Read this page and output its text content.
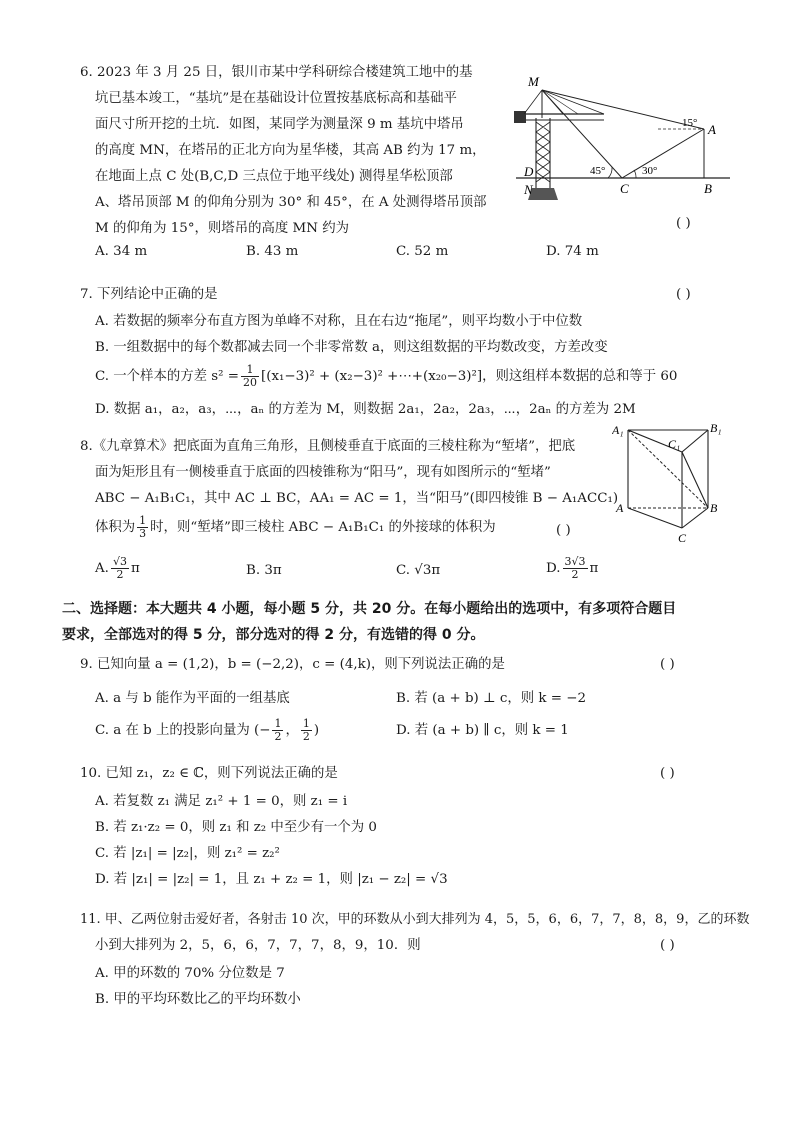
6. 2023 年 3 月 25 日，银川市某中学科研综合楼建筑工地中的基
坑已基本竣工，“基坑”是在基础设计位置按基底标高和基础平
面尺寸所开挖的土坑．如图，某同学为测量深 9 m 基坑中塔吊
的高度 MN，在塔吊的正北方向为星华楼，其高 AB 约为 17 m，
在地面上点 C 处(B,C,D 三点位于地平线处) 测得星华松顶部
A、塔吊顶部 M 的仰角分别为 30° 和 45°，在 A 处测得塔吊顶部
M 的仰角为 15°，则塔吊的高度 MN 约为	( )
M
A
B
C
D
N
15°
45°	30°
A. 34 m	B. 43 m	C. 52 m	D. 74 m
7. 下列结论中正确的是	( )
A. 若数据的频率分布直方图为单峰不对称，且在右边“拖尾”，则平均数小于中位数
B. 一组数据中的每个数都减去同一个非零常数 a，则这组数据的平均数改变，方差改变
C. 一个样本的方差 $s^2 = \frac{1}{20} [(x_1-3)^2 + (x_2-3)^2$ +⋯+(x₂₀−3)²]，则这组样本数据的总和等于 60
D. 数据 a₁，a₂，a₃，⋯，aₙ 的方差为 M，则数据 2a₁，2a₂，2a₃，⋯，2aₙ 的方差为 2M
8.《九章算术》把底面为直角三角形，且侧棱垂直于底面的三棱柱称为“堑堵”，把底
面为矩形且有一侧棱垂直于底面的四棱锥称为“阳马”，现有如图所示的“堑堵”
ABC − A₁B₁C₁，其中 AC ⊥ BC，AA₁ = AC = 1，当“阳马”(即四棱锥 B − A₁ACC₁)
体积为 $\frac{1}{3}$ 时，则“堑堵”即三棱柱 ABC − A₁B₁C₁ 的外接球的体积为	( )
A₁	B₁
C₁
A	B
C
A. $\frac{√3}{2}$ π	B. 3π	C. √3π	D. $\frac{3√3}{2}$ π
二、选择题：本大题共 4 小题，每小题 5 分，共 20 分。在每小题给出的选项中，有多项符合题目
要求，全部选对的得 5 分，部分选对的得 2 分，有选错的得 0 分。
9. 已知向量 a = (1,2)，b = (−2,2)，c = (4,k)，则下列说法正确的是	( )
A. a 与 b 能作为平面的一组基底	B. 若 (a + b) ⊥ c，则 k = −2
C. a 在 b 上的投影向量为 (− $\frac{1}{2}$ ， $\frac{1}{2}$ )	D. 若 (a + b) ∥ c，则 k = 1
10. 已知 z₁，z₂ ∈ ℂ，则下列说法正确的是	( )
A. 若复数 z₁ 满足 z₁² + 1 = 0，则 z₁ = i
B. 若 z₁·z₂ = 0，则 z₁ 和 z₂ 中至少有一个为 0
C. 若 |z₁| = |z₂|，则 z₁² = z₂²
D. 若 |z₁| = |z₂| = 1，且 z₁ + z₂ = 1，则 |z₁ − z₂| = √3
11. 甲、乙两位射击爱好者，各射击 10 次，甲的环数从小到大排列为 4，5，5，6，6，7，7，8，8，9，乙的环数
小到大排列为 2，5，6，6，7，7，7，8，9，10．则	( )
A. 甲的环数的 70% 分位数是 7
B. 甲的平均环数比乙的平均环数小
